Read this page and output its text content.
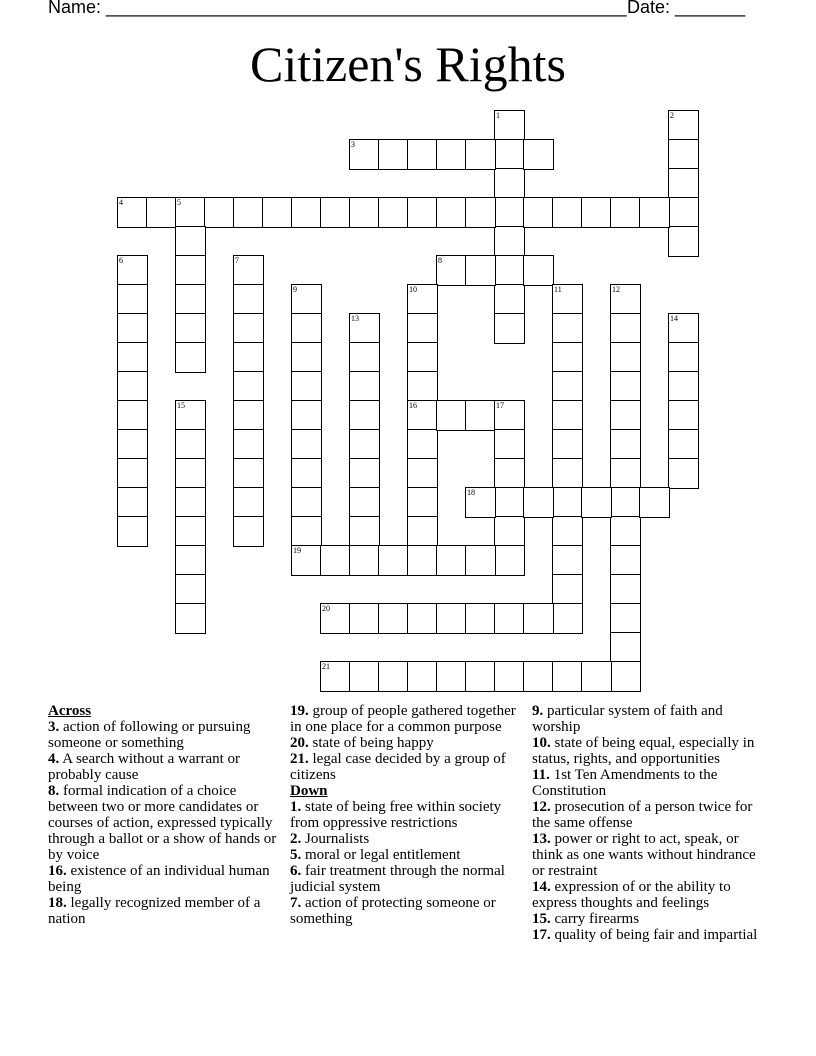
Name: ____________________________________________________ Date: _______
Citizen's Rights
1	2
3
4	5
6	7	8
9	10
16
11	12
13	14
15	17
18
19
20
21
Across
3. action of following or pursuing someone or something
4. A search without a warrant or probably cause
8. formal indication of a choice between two or more candidates or courses of action, expressed typically through a ballot or a show of hands or by voice
16. existence of an individual human being
18. legally recognized member of a nation
19. group of people gathered together in one place for a common purpose
20. state of being happy
21. legal case decided by a group of citizens
Down
1. state of being free within society from oppressive restrictions
2. Journalists
5. moral or legal entitlement
6. fair treatment through the normal judicial system
7. action of protecting someone or something
9. particular system of faith and worship
10. state of being equal, especially in status, rights, and opportunities
11. 1st Ten Amendments to the Constitution
12. prosecution of a person twice for the same offense
13. power or right to act, speak, or think as one wants without hindrance or restraint
14. expression of or the ability to express thoughts and feelings
15. carry firearms
17. quality of being fair and impartial
